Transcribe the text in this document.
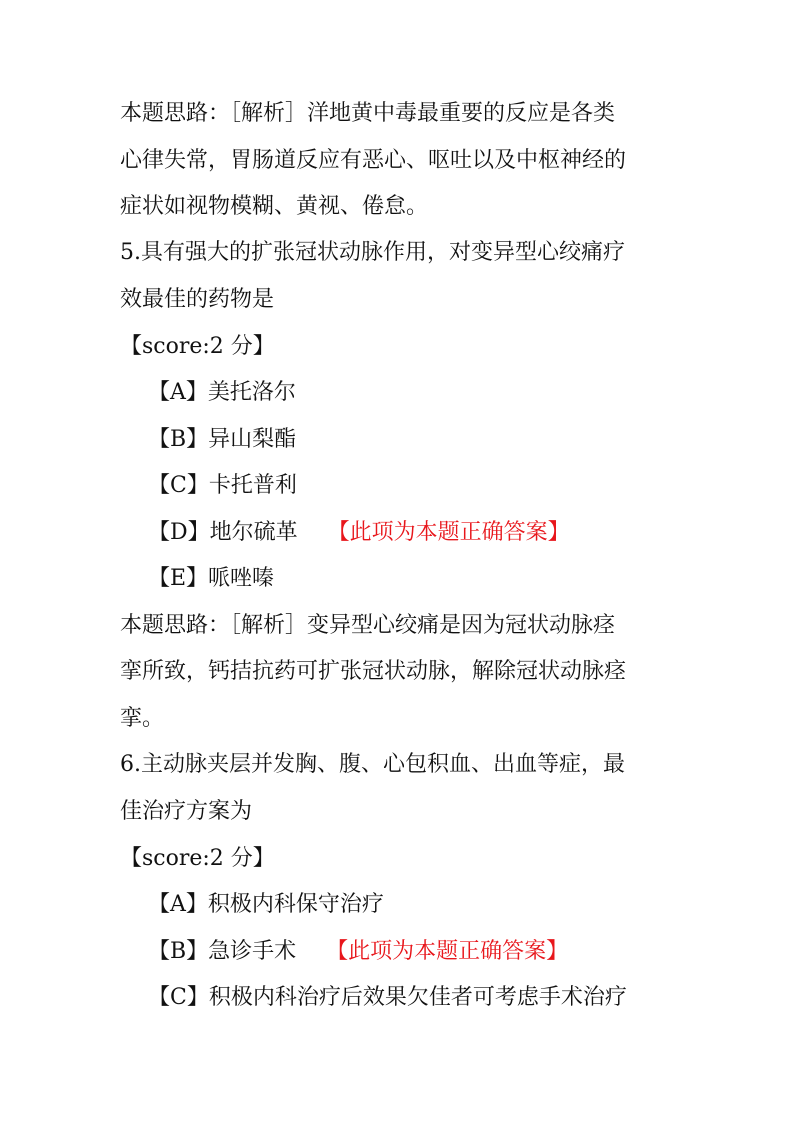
本题思路：［解析］洋地黄中毒最重要的反应是各类
心律失常，胃肠道反应有恶心、呕吐以及中枢神经的
症状如视物模糊、黄视、倦怠。
5.具有强大的扩张冠状动脉作用，对变异型心绞痛疗
效最佳的药物是
【score:2 分】
【A】美托洛尔
【B】异山梨酯
【C】卡托普利
【D】地尔硫革 【此项为本题正确答案】
【E】哌唑嗪
本题思路：［解析］变异型心绞痛是因为冠状动脉痉
挛所致，钙拮抗药可扩张冠状动脉，解除冠状动脉痉
挛。
6.主动脉夹层并发胸、腹、心包积血、出血等症，最
佳治疗方案为
【score:2 分】
【A】积极内科保守治疗
【B】急诊手术 【此项为本题正确答案】
【C】积极内科治疗后效果欠佳者可考虑手术治疗
